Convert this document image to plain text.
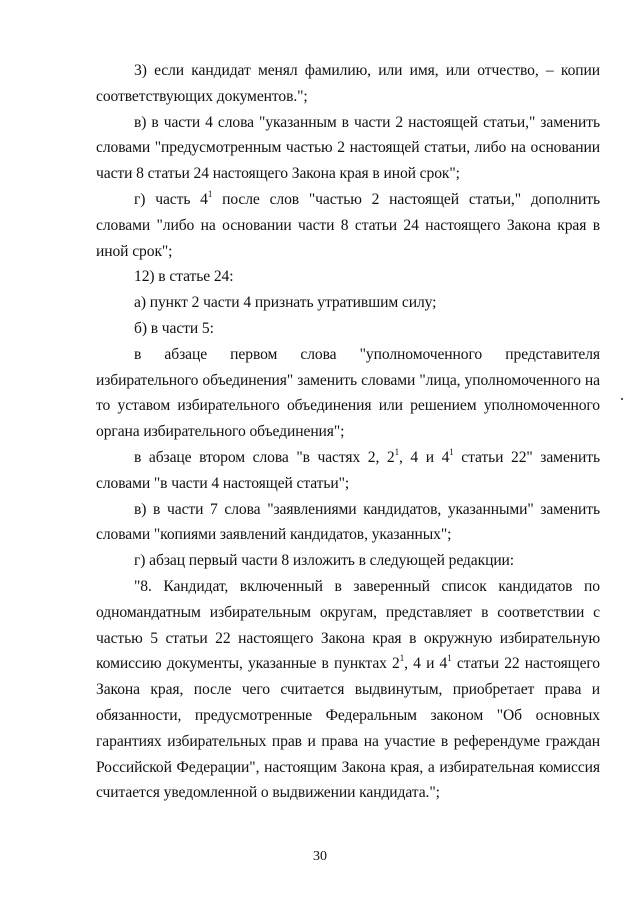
3) если кандидат менял фамилию, или имя, или отчество, – копии соответствующих документов.";

в) в части 4 слова "указанным в части 2 настоящей статьи," заменить словами "предусмотренным частью 2 настоящей статьи, либо на основании части 8 статьи 24 настоящего Закона края в иной срок";

г) часть $4^1$ после слов "частью 2 настоящей статьи," дополнить словами "либо на основании части 8 статьи 24 настоящего Закона края в иной срок";

12) в статье 24:

а) пункт 2 части 4 признать утратившим силу;

б) в части 5:

в абзаце первом слова "уполномоченного представителя избирательного объединения" заменить словами "лица, уполномоченного на то уставом избирательного объединения или решением уполномоченного органа избирательного объединения";

в абзаце втором слова "в частях 2, $2^1$, 4 и $4^1$ статьи 22" заменить словами "в части 4 настоящей статьи";

в) в части 7 слова "заявлениями кандидатов, указанными" заменить словами "копиями заявлений кандидатов, указанных";

г) абзац первый части 8 изложить в следующей редакции:

"8. Кандидат, включенный в заверенный список кандидатов по одномандатным избирательным округам, представляет в соответствии с частью 5 статьи 22 настоящего Закона края в окружную избирательную комиссию документы, указанные в пунктах $2^1$, 4 и $4^1$ статьи 22 настоящего Закона края, после чего считается выдвинутым, приобретает права и обязанности, предусмотренные Федеральным законом "Об основных гарантиях избирательных прав и права на участие в референдуме граждан Российской Федерации", настоящим Закона края, а избирательная комиссия считается уведомленной о выдвижении кандидата.";

30
